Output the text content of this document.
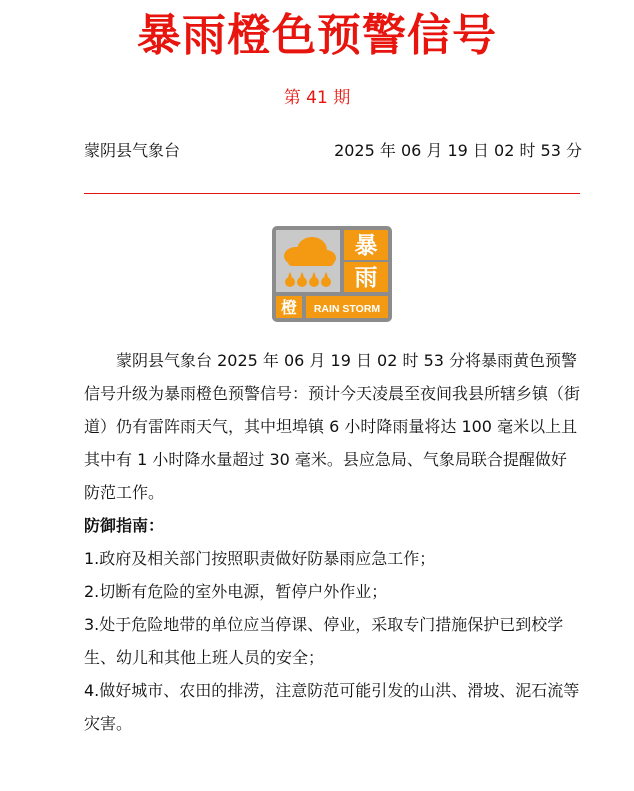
暴雨橙色预警信号
第 41 期
蒙阴县气象台	2025 年 06 月 19 日 02 时 53 分
暴
雨
橙 RAIN STORM

蒙阴县气象台 2025 年 06 月 19 日 02 时 53 分将暴雨黄色预警信号升级为暴雨橙色预警信号：预计今天凌晨至夜间我县所辖乡镇（街道）仍有雷阵雨天气，其中坦埠镇 6 小时降雨量将达 100 毫米以上且其中有 1 小时降水量超过 30 毫米。县应急局、气象局联合提醒做好防范工作。

防御指南：

1.政府及相关部门按照职责做好防暴雨应急工作；

2.切断有危险的室外电源，暂停户外作业；

3.处于危险地带的单位应当停课、停业，采取专门措施保护已到校学生、幼儿和其他上班人员的安全；

4.做好城市、农田的排涝，注意防范可能引发的山洪、滑坡、泥石流等灾害。
